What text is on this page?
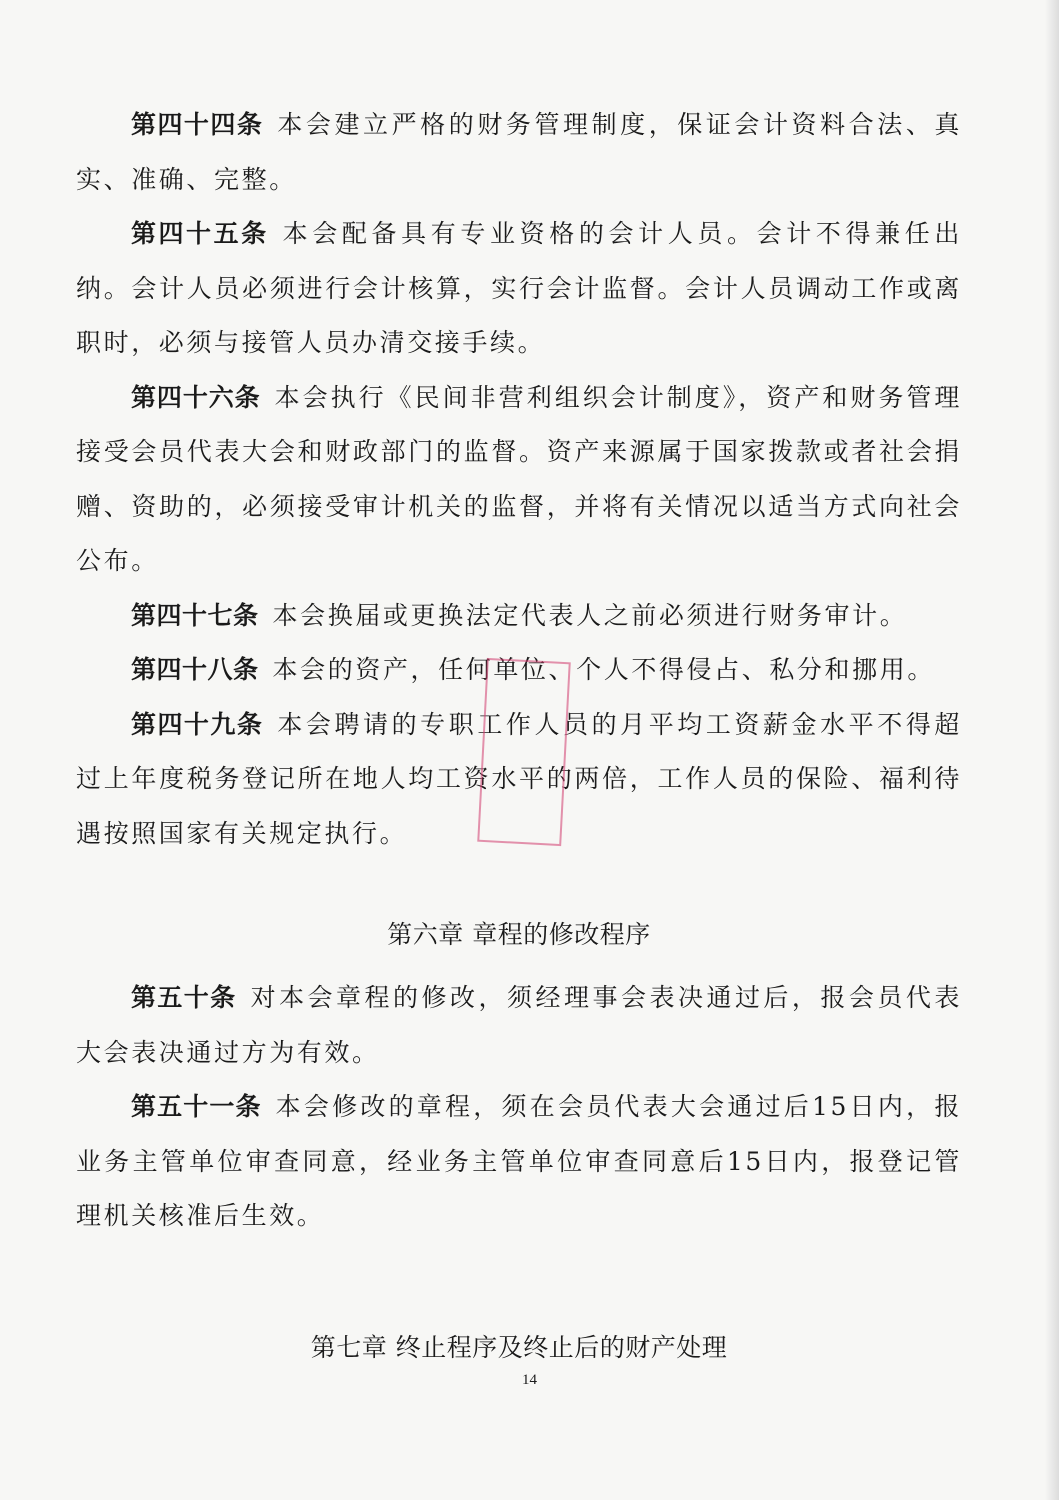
第四十四条 本会建立严格的财务管理制度，保证会计资料合法、真实、准确、完整。

第四十五条 本会配备具有专业资格的会计人员。会计不得兼任出纳。会计人员必须进行会计核算，实行会计监督。会计人员调动工作或离职时，必须与接管人员办清交接手续。

第四十六条 本会执行《民间非营利组织会计制度》，资产和财务管理接受会员代表大会和财政部门的监督。资产来源属于国家拨款或者社会捐赠、资助的，必须接受审计机关的监督，并将有关情况以适当方式向社会公布。

第四十七条 本会换届或更换法定代表人之前必须进行财务审计。

第四十八条 本会的资产，任何单位、个人不得侵占、私分和挪用。

第四十九条 本会聘请的专职工作人员的月平均工资薪金水平不得超过上年度税务登记所在地人均工资水平的两倍，工作人员的保险、福利待遇按照国家有关规定执行。

第六章 章程的修改程序

第五十条 对本会章程的修改，须经理事会表决通过后，报会员代表大会表决通过方为有效。

第五十一条 本会修改的章程，须在会员代表大会通过后15日内，报业务主管单位审查同意，经业务主管单位审查同意后15日内，报登记管理机关核准后生效。

第七章 终止程序及终止后的财产处理

14
